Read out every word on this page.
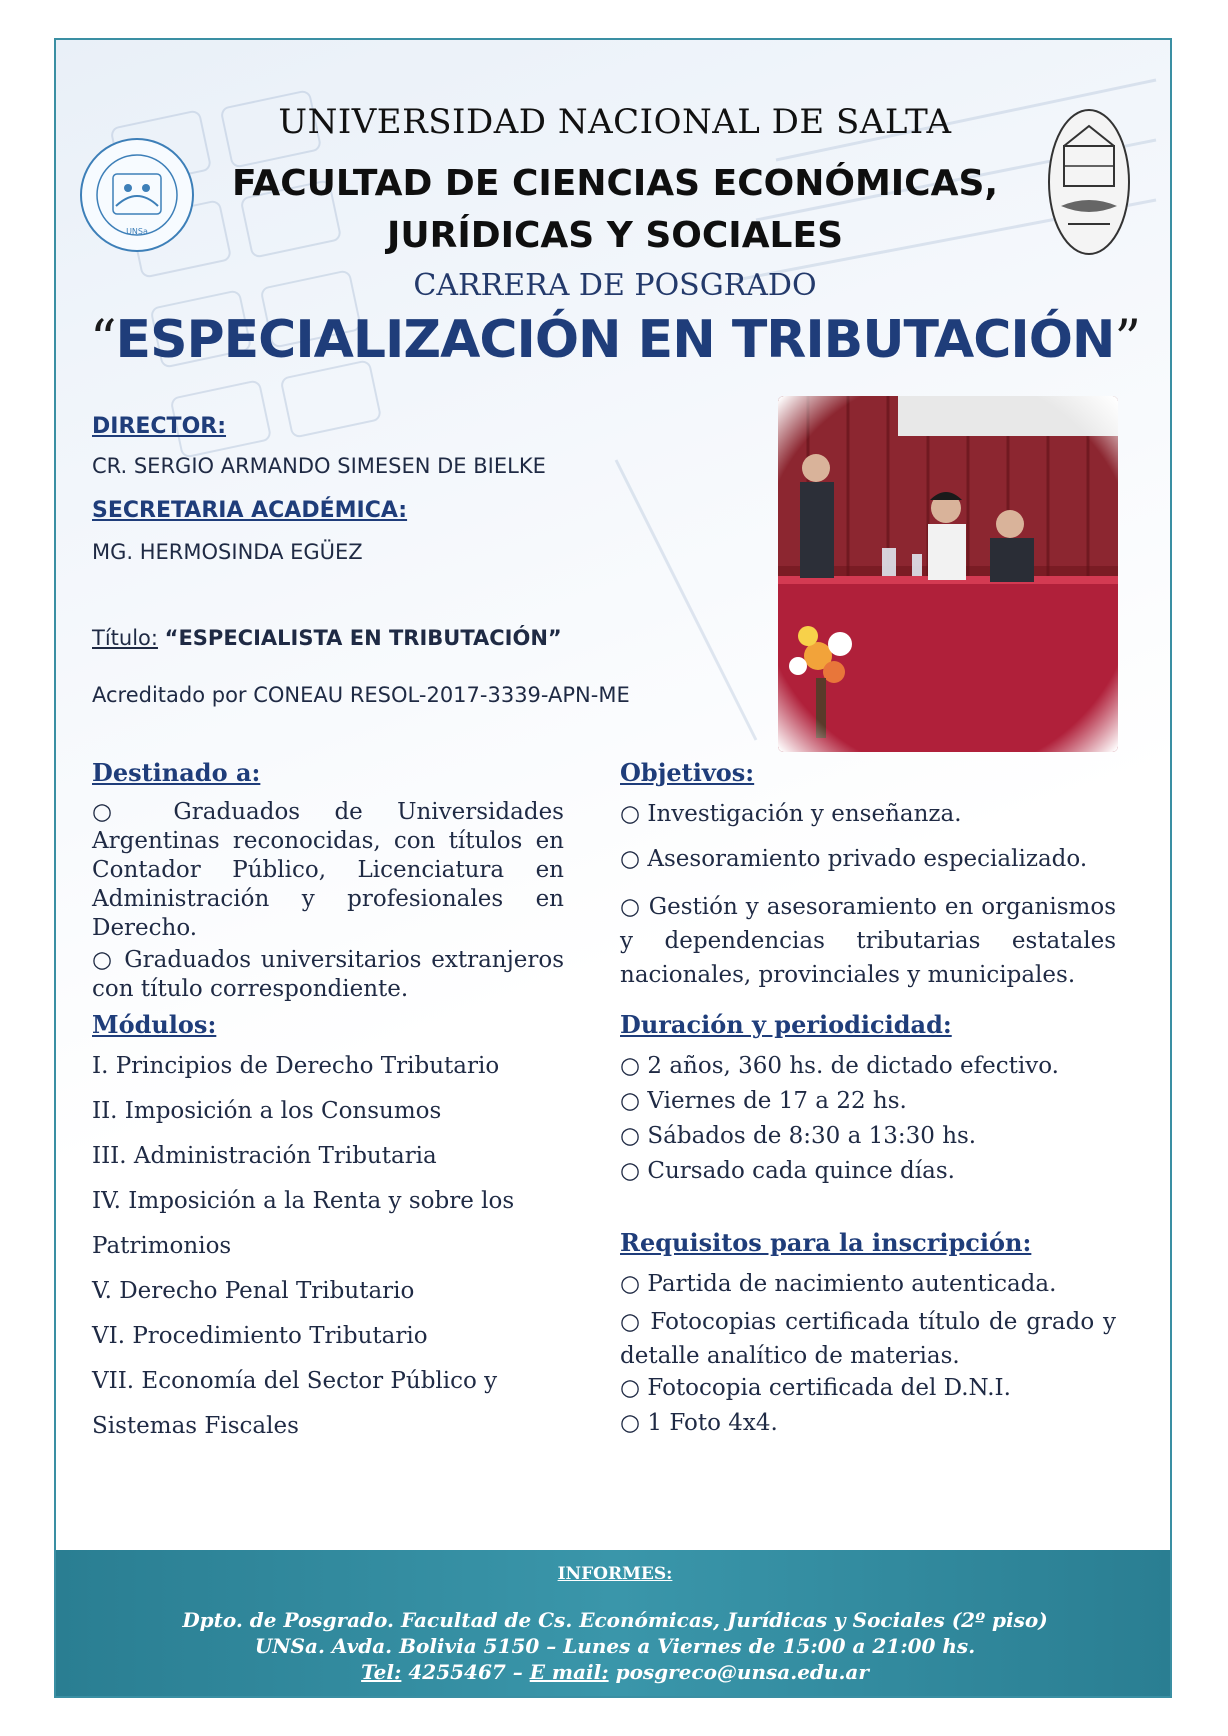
UNSa
UNIVERSIDAD NACIONAL DE SALTA
FACULTAD DE CIENCIAS ECONÓMICAS,
JURÍDICAS Y SOCIALES
CARRERA DE POSGRADO
“ESPECIALIZACIÓN EN TRIBUTACIÓN”
DIRECTOR:
CR. SERGIO ARMANDO SIMESEN DE BIELKE
SECRETARIA ACADÉMICA:
MG. HERMOSINDA EGÜEZ
Título: “ESPECIALISTA EN TRIBUTACIÓN”
Acreditado por CONEAU RESOL-2017-3339-APN-ME
Destinado a:
○ Graduados de Universidades Argentinas reconocidas, con títulos en Contador Público, Licenciatura en Administración y profesionales en Derecho.
○ Graduados universitarios extranjeros con título correspondiente.
Módulos:
I. Principios de Derecho Tributario
II. Imposición a los Consumos
III. Administración Tributaria
IV. Imposición a la Renta y sobre los
Patrimonios
V. Derecho Penal Tributario
VI. Procedimiento Tributario
VII. Economía del Sector Público y
Sistemas Fiscales
Objetivos:
○ Investigación y enseñanza.
○ Asesoramiento privado especializado.
○ Gestión y asesoramiento en organismos y dependencias tributarias estatales nacionales, provinciales y municipales.
Duración y periodicidad:
○ 2 años, 360 hs. de dictado efectivo.
○ Viernes de 17 a 22 hs.
○ Sábados de 8:30 a 13:30 hs.
○ Cursado cada quince días.
Requisitos para la inscripción:
○ Partida de nacimiento autenticada.
○ Fotocopias certificada título de grado y detalle analítico de materias.
○ Fotocopia certificada del D.N.I.
○ 1 Foto 4x4.
INFORMES:
Dpto. de Posgrado. Facultad de Cs. Económicas, Jurídicas y Sociales (2º piso)
UNSa. Avda. Bolivia 5150 – Lunes a Viernes de 15:00 a 21:00 hs.
Tel: 4255467 – E mail: posgreco@unsa.edu.ar
